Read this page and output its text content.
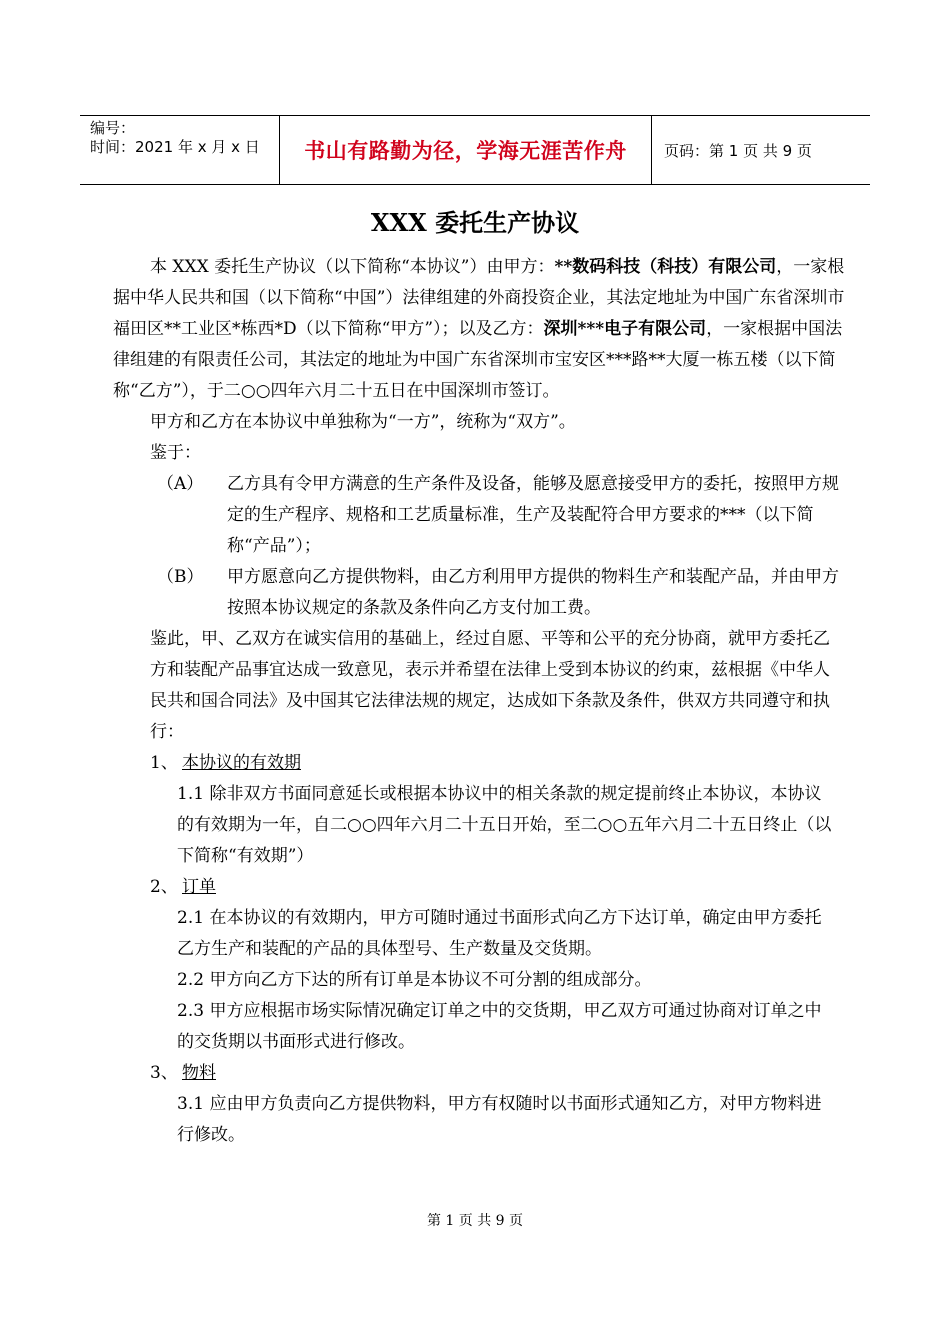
编号：
时间：2021 年 x 月 x 日	书山有路勤为径，学海无涯苦作舟	页码：第 1 页 共 9 页
XXX 委托生产协议

本 XXX 委托生产协议（以下简称“本协议”）由甲方：**数码科技（科技）有限公司，一家根据中华人民共和国（以下简称“中国”）法律组建的外商投资企业，其法定地址为中国广东省深圳市福田区**工业区*栋西*D（以下简称“甲方”）；以及乙方：深圳***电子有限公司，一家根据中国法律组建的有限责任公司，其法定的地址为中国广东省深圳市宝安区***路**大厦一栋五楼（以下简称“乙方”），于二○○四年六月二十五日在中国深圳市签订。

甲方和乙方在本协议中单独称为“一方”，统称为“双方”。

鉴于：

（A）	乙方具有令甲方满意的生产条件及设备，能够及愿意接受甲方的委托，按照甲方规定的生产程序、规格和工艺质量标准，生产及装配符合甲方要求的***（以下简称“产品”）；
（B）	甲方愿意向乙方提供物料，由乙方利用甲方提供的物料生产和装配产品，并由甲方按照本协议规定的条款及条件向乙方支付加工费。

鉴此，甲、乙双方在诚实信用的基础上，经过自愿、平等和公平的充分协商，就甲方委托乙方和装配产品事宜达成一致意见，表示并希望在法律上受到本协议的约束，兹根据《中华人民共和国合同法》及中国其它法律法规的规定，达成如下条款及条件，供双方共同遵守和执行：

1、 本协议的有效期

1.1 除非双方书面同意延长或根据本协议中的相关条款的规定提前终止本协议，本协议的有效期为一年，自二○○四年六月二十五日开始，至二○○五年六月二十五日终止（以下简称“有效期”）

2、 订单

2.1 在本协议的有效期内，甲方可随时通过书面形式向乙方下达订单，确定由甲方委托乙方生产和装配的产品的具体型号、生产数量及交货期。

2.2 甲方向乙方下达的所有订单是本协议不可分割的组成部分。

2.3 甲方应根据市场实际情况确定订单之中的交货期，甲乙双方可通过协商对订单之中的交货期以书面形式进行修改。

3、 物料

3.1 应由甲方负责向乙方提供物料，甲方有权随时以书面形式通知乙方，对甲方物料进行修改。

第 1 页 共 9 页
